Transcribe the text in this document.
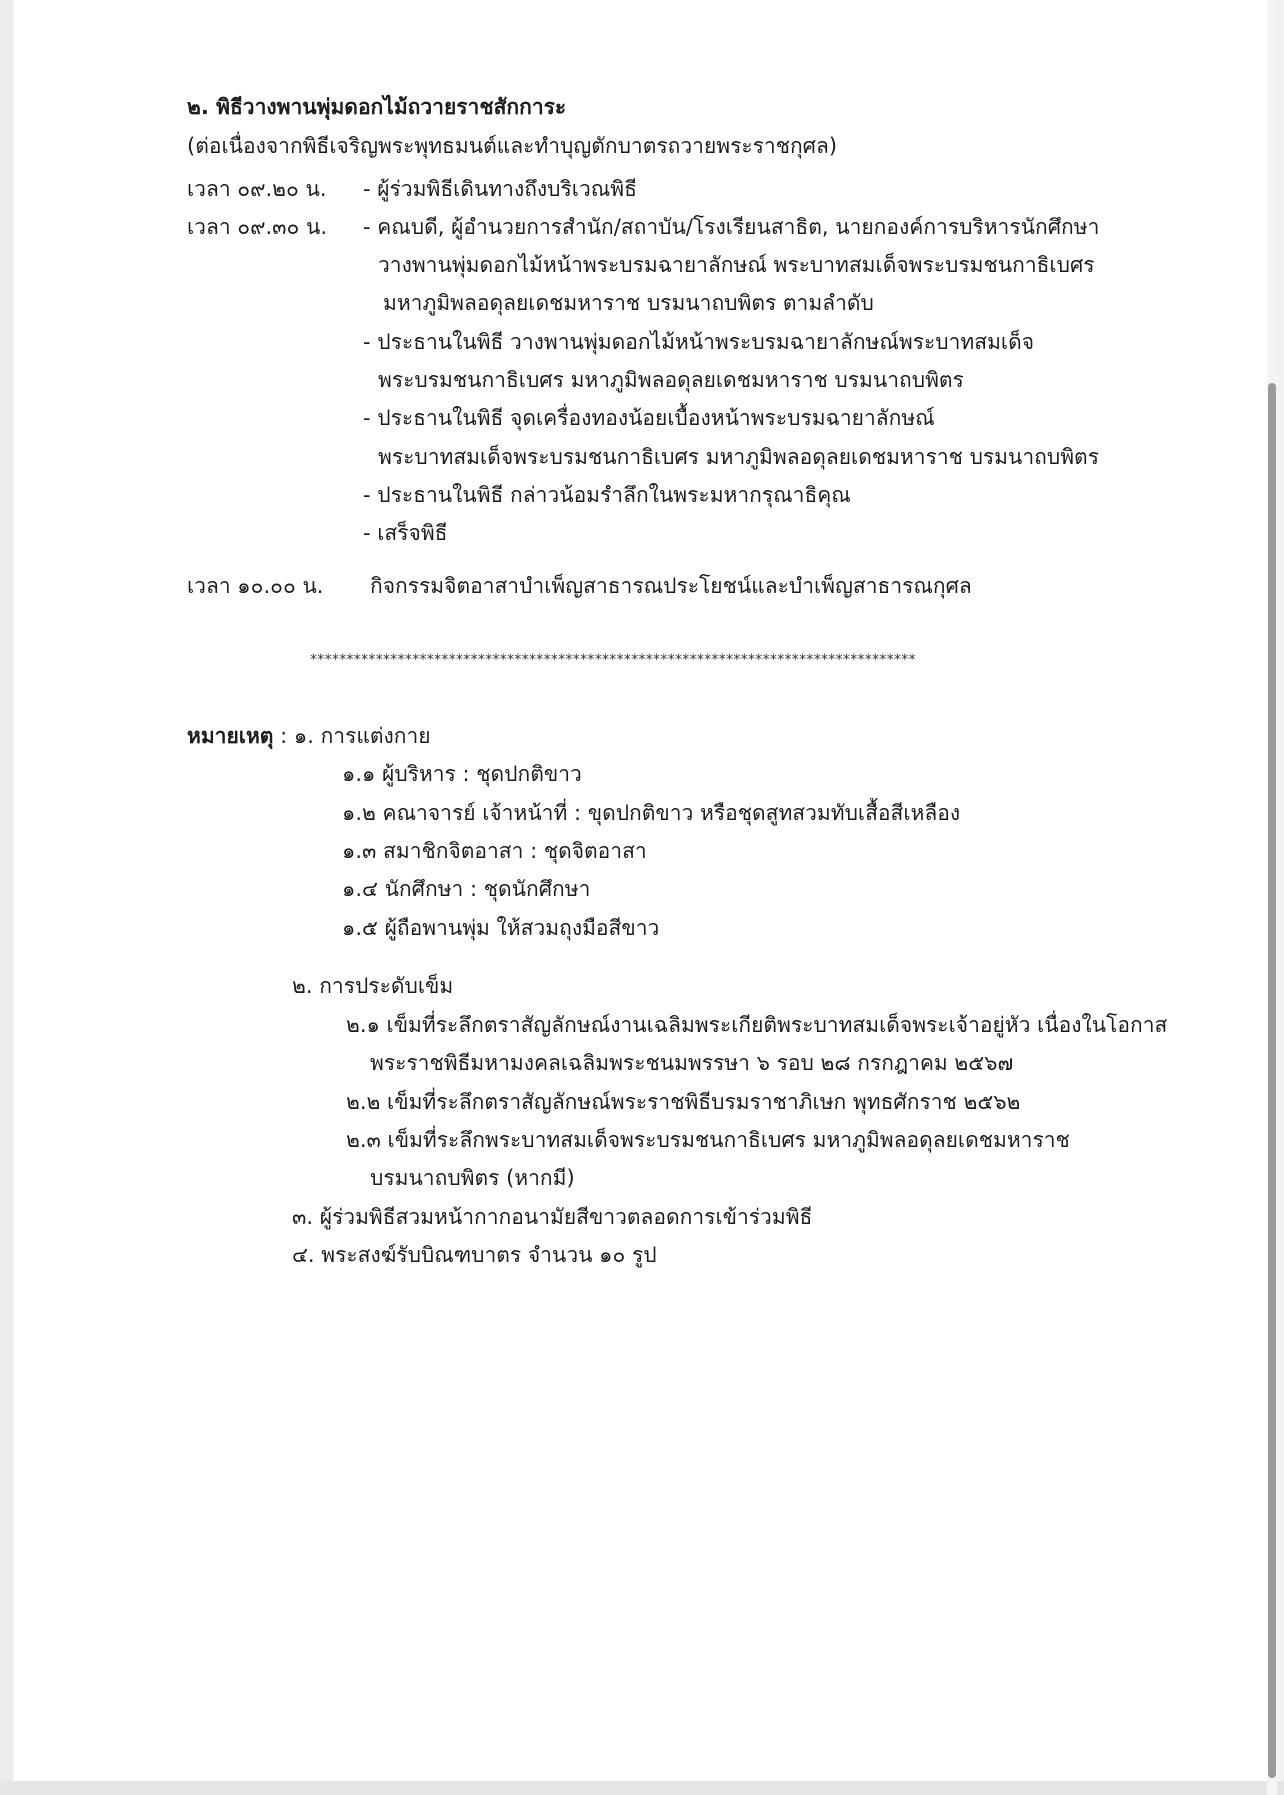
๒. พิธีวางพานพุ่มดอกไม้ถวายราชสักการะ
(ต่อเนื่องจากพิธีเจริญพระพุทธมนต์และทำบุญตักบาตรถวายพระราชกุศล)
เวลา ๐๙.๒๐ น. - ผู้ร่วมพิธีเดินทางถึงบริเวณพิธี
เวลา ๐๙.๓๐ น. - คณบดี, ผู้อำนวยการสำนัก/สถาบัน/โรงเรียนสาธิต, นายกองค์การบริหารนักศึกษา
วางพานพุ่มดอกไม้หน้าพระบรมฉายาลักษณ์ พระบาทสมเด็จพระบรมชนกาธิเบศร
มหาภูมิพลอดุลยเดชมหาราช บรมนาถบพิตร ตามลำดับ
- ประธานในพิธี วางพานพุ่มดอกไม้หน้าพระบรมฉายาลักษณ์พระบาทสมเด็จ
พระบรมชนกาธิเบศร มหาภูมิพลอดุลยเดชมหาราช บรมนาถบพิตร
- ประธานในพิธี จุดเครื่องทองน้อยเบื้องหน้าพระบรมฉายาลักษณ์
พระบาทสมเด็จพระบรมชนกาธิเบศร มหาภูมิพลอดุลยเดชมหาราช บรมนาถบพิตร
- ประธานในพิธี กล่าวน้อมรำลึกในพระมหากรุณาธิคุณ
- เสร็จพิธี
เวลา ๑๐.๐๐ น. กิจกรรมจิตอาสาบำเพ็ญสาธารณประโยชน์และบำเพ็ญสาธารณกุศล
***********************************************************************************
หมายเหตุ : ๑. การแต่งกาย
๑.๑ ผู้บริหาร : ชุดปกติขาว
๑.๒ คณาจารย์ เจ้าหน้าที่ : ขุดปกติขาว หรือชุดสูทสวมทับเสื้อสีเหลือง
๑.๓ สมาชิกจิตอาสา : ชุดจิตอาสา
๑.๔ นักศึกษา : ชุดนักศึกษา
๑.๕ ผู้ถือพานพุ่ม ให้สวมถุงมือสีขาว
๒. การประดับเข็ม
๒.๑ เข็มที่ระลึกตราสัญลักษณ์งานเฉลิมพระเกียติพระบาทสมเด็จพระเจ้าอยู่หัว เนื่องในโอกาส
พระราชพิธีมหามงคลเฉลิมพระชนมพรรษา ๖ รอบ ๒๘ กรกฎาคม ๒๕๖๗
๒.๒ เข็มที่ระลึกตราสัญลักษณ์พระราชพิธีบรมราชาภิเษก พุทธศักราช ๒๕๖๒
๒.๓ เข็มที่ระลึกพระบาทสมเด็จพระบรมชนกาธิเบศร มหาภูมิพลอดุลยเดชมหาราช
บรมนาถบพิตร (หากมี)
๓. ผู้ร่วมพิธีสวมหน้ากากอนามัยสีขาวตลอดการเข้าร่วมพิธี
๔. พระสงฆ์รับบิณฑบาตร จำนวน ๑๐ รูป
